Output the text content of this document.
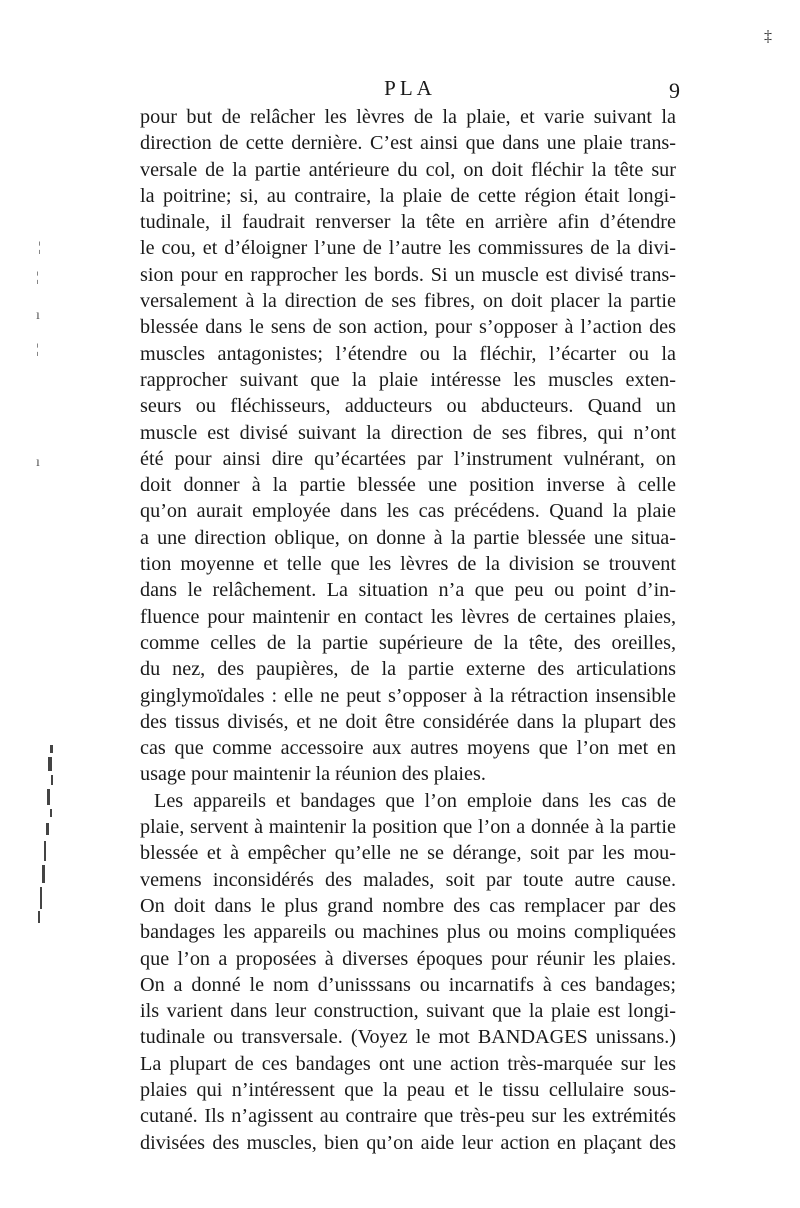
‡
¦
¦
ı
¦
ı
PLA	9
pour but de relâcher les lèvres de la plaie, et varie suivant la
direction de cette dernière. C’est ainsi que dans une plaie trans-
versale de la partie antérieure du col, on doit fléchir la tête sur
la poitrine; si, au contraire, la plaie de cette région était longi-
tudinale, il faudrait renverser la tête en arrière afin d’étendre
le cou, et d’éloigner l’une de l’autre les commissures de la divi-
sion pour en rapprocher les bords. Si un muscle est divisé trans-
versalement à la direction de ses fibres, on doit placer la partie
blessée dans le sens de son action, pour s’opposer à l’action des
muscles antagonistes; l’étendre ou la fléchir, l’écarter ou la
rapprocher suivant que la plaie intéresse les muscles exten-
seurs ou fléchisseurs, adducteurs ou abducteurs. Quand un
muscle est divisé suivant la direction de ses fibres, qui n’ont
été pour ainsi dire qu’écartées par l’instrument vulnérant, on
doit donner à la partie blessée une position inverse à celle
qu’on aurait employée dans les cas précédens. Quand la plaie
a une direction oblique, on donne à la partie blessée une situa-
tion moyenne et telle que les lèvres de la division se trouvent
dans le relâchement. La situation n’a que peu ou point d’in-
fluence pour maintenir en contact les lèvres de certaines plaies,
comme celles de la partie supérieure de la tête, des oreilles,
du nez, des paupières, de la partie externe des articulations
ginglymoïdales : elle ne peut s’opposer à la rétraction insensible
des tissus divisés, et ne doit être considérée dans la plupart des
cas que comme accessoire aux autres moyens que l’on met en
usage pour maintenir la réunion des plaies.
Les appareils et bandages que l’on emploie dans les cas de
plaie, servent à maintenir la position que l’on a donnée à la partie
blessée et à empêcher qu’elle ne se dérange, soit par les mou-
vemens inconsidérés des malades, soit par toute autre cause.
On doit dans le plus grand nombre des cas remplacer par des
bandages les appareils ou machines plus ou moins compliquées
que l’on a proposées à diverses époques pour réunir les plaies.
On a donné le nom d’unisssans ou incarnatifs à ces bandages;
ils varient dans leur construction, suivant que la plaie est longi-
tudinale ou transversale. (Voyez le mot BANDAGES unissans.)
La plupart de ces bandages ont une action très-marquée sur les
plaies qui n’intéressent que la peau et le tissu cellulaire sous-
cutané. Ils n’agissent au contraire que très-peu sur les extrémités
divisées des muscles, bien qu’on aide leur action en plaçant des
